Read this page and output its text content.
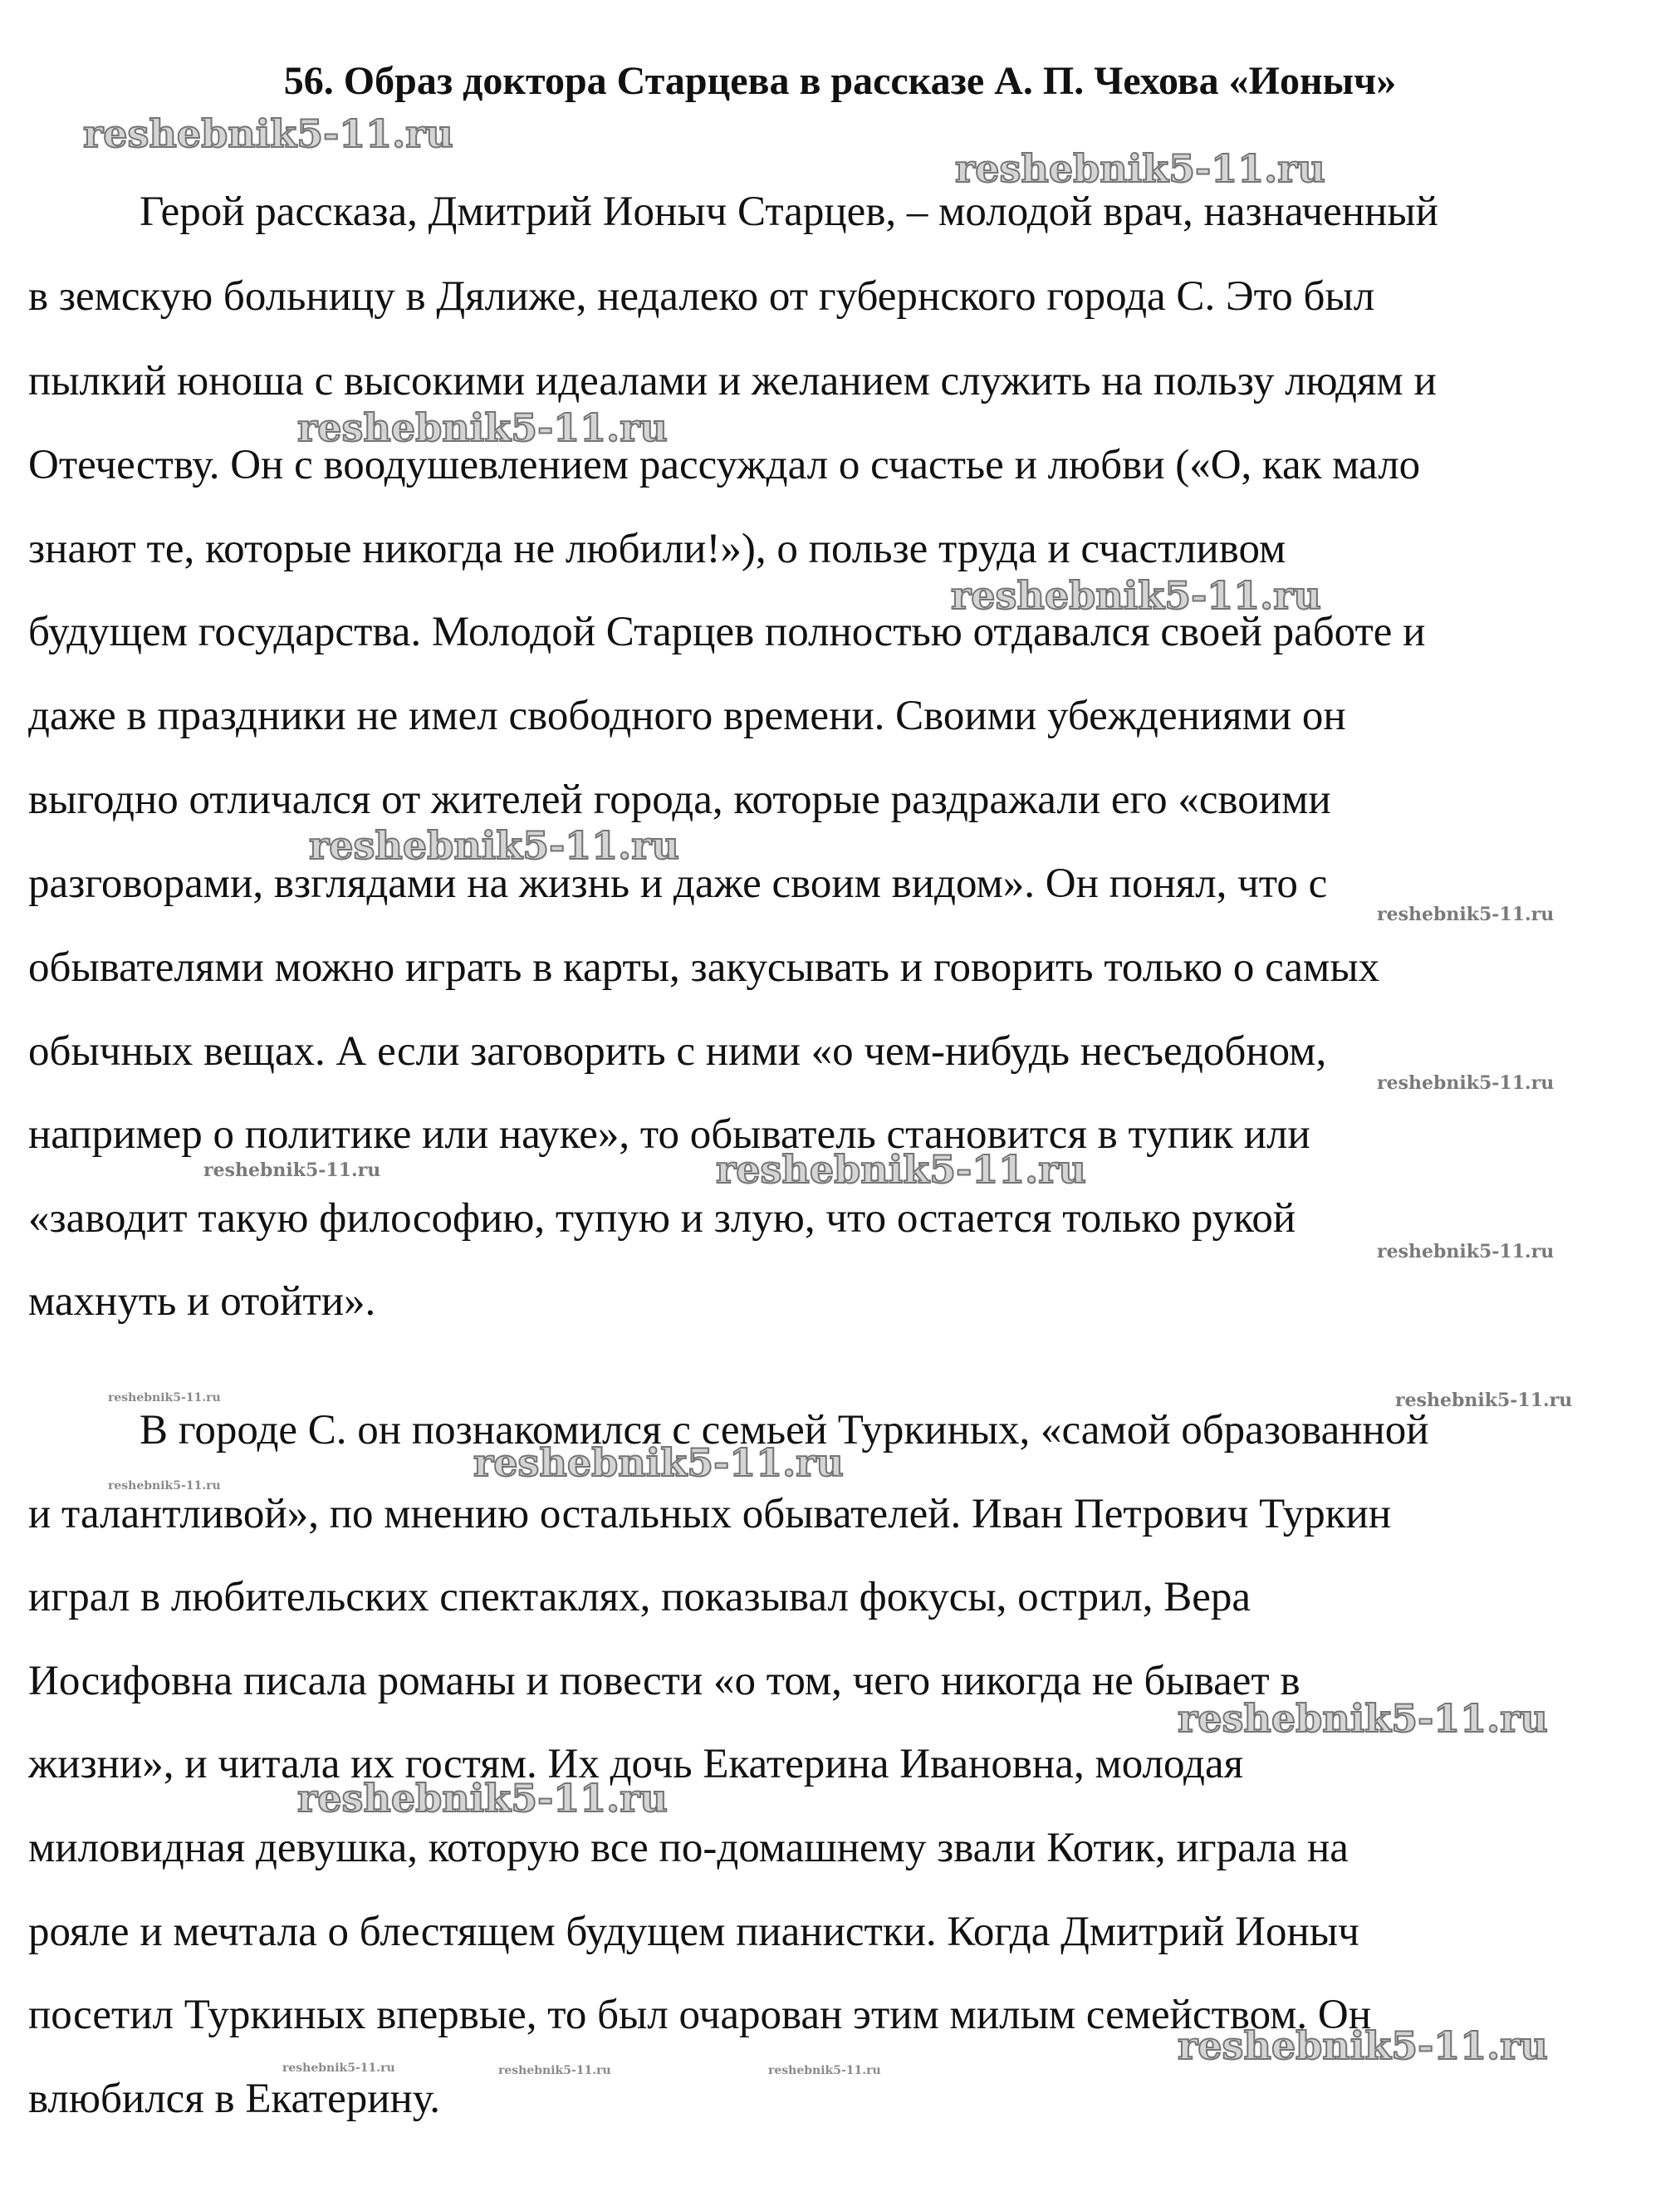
56. Образ доктора Старцева в рассказе А. П. Чехова «Ионыч»
Герой рассказа, Дмитрий Ионыч Старцев, – молодой врач, назначенный
в земскую больницу в Дялиже, недалеко от губернского города С. Это был
пылкий юноша с высокими идеалами и желанием служить на пользу людям и
Отечеству. Он с воодушевлением рассуждал о счастье и любви («О, как мало
знают те, которые никогда не любили!»), о пользе труда и счастливом
будущем государства. Молодой Старцев полностью отдавался своей работе и
даже в праздники не имел свободного времени. Своими убеждениями он
выгодно отличался от жителей города, которые раздражали его «своими
разговорами, взглядами на жизнь и даже своим видом». Он понял, что с
обывателями можно играть в карты, закусывать и говорить только о самых
обычных вещах. А если заговорить с ними «о чем-нибудь несъедобном,
например о политике или науке», то обыватель становится в тупик или
«заводит такую философию, тупую и злую, что остается только рукой
махнуть и отойти».
В городе С. он познакомился с семьей Туркиных, «самой образованной
и талантливой», по мнению остальных обывателей. Иван Петрович Туркин
играл в любительских спектаклях, показывал фокусы, острил, Вера
Иосифовна писала романы и повести «о том, чего никогда не бывает в
жизни», и читала их гостям. Их дочь Екатерина Ивановна, молодая
миловидная девушка, которую все по-домашнему звали Котик, играла на
рояле и мечтала о блестящем будущем пианистки. Когда Дмитрий Ионыч
посетил Туркиных впервые, то был очарован этим милым семейством. Он
влюбился в Екатерину.
reshebnik5-11.ru
reshebnik5-11.ru
reshebnik5-11.ru
reshebnik5-11.ru
reshebnik5-11.ru
reshebnik5-11.ru
reshebnik5-11.ru
reshebnik5-11.ru	reshebnik5-11.ru
reshebnik5-11.ru
reshebnik5-11.ru	reshebnik5-11.ru
reshebnik5-11.ru
reshebnik5-11.ru
reshebnik5-11.ru
reshebnik5-11.ru
reshebnik5-11.ru
reshebnik5-11.ru	reshebnik5-11.ru	reshebnik5-11.ru
